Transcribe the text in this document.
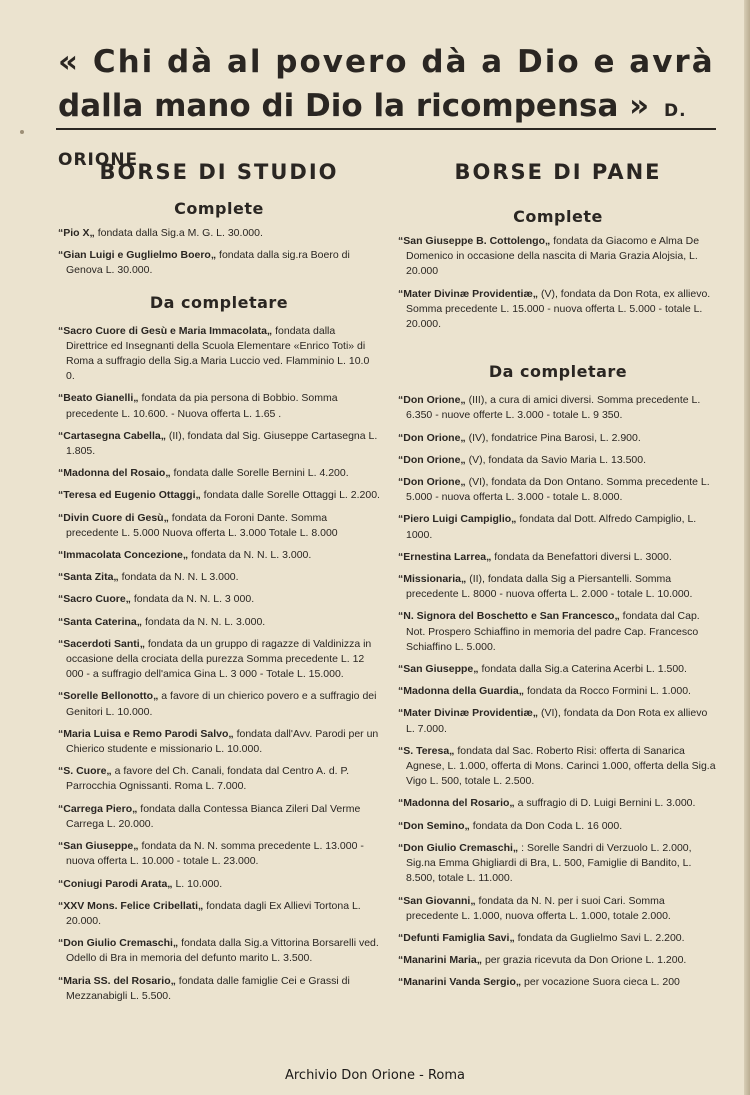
« Chi dà al povero dà a Dio e avrà
dalla mano di Dio la ricompensa » D. ORIONE
BORSE DI STUDIO
Complete

“Pio X„ fondata dalla Sig.a M. G. L. 30.000.

“Gian Luigi e Guglielmo Boero„ fondata dalla sig.ra Boero di Genova L. 30.000.

Da completare

“Sacro Cuore di Gesù e Maria Immacolata„ fondata dalla Direttrice ed Insegnanti della Scuola Elementare «Enrico Toti» di Roma a suffragio della Sig.a Maria Luccio ved. Flamminio L. 10.0 0.

“Beato Gianelli„ fondata da pia persona di Bobbio. Somma precedente L. 10.600. - Nuova offerta L. 1.65 .

“Cartasegna Cabella„ (II), fondata dal Sig. Giuseppe Cartasegna L. 1.805.

“Madonna del Rosaio„ fondata dalle Sorelle Bernini L. 4.200.

“Teresa ed Eugenio Ottaggi„ fondata dalle Sorelle Ottaggi L. 2.200.

“Divin Cuore di Gesù„ fondata da Foroni Dante. Somma precedente L. 5.000 Nuova offerta L. 3.000 Totale L. 8.000

“Immacolata Concezione„ fondata da N. N. L. 3.000.

“Santa Zita„ fondata da N. N. L 3.000.

“Sacro Cuore„ fondata da N. N. L. 3 000.

“Santa Caterina„ fondata da N. N. L. 3.000.

“Sacerdoti Santi„ fondata da un gruppo di ragazze di Valdinizza in occasione della crociata della purezza Somma precedente L. 12 000 - a suffragio dell'amica Gina L. 3 000 - Totale L. 15.000.

“Sorelle Bellonotto„ a favore di un chierico povero e a suffragio dei Genitori L. 10.000.

“Maria Luisa e Remo Parodi Salvo„ fondata dall'Avv. Parodi per un Chierico studente e missionario L. 10.000.

“S. Cuore„ a favore del Ch. Canali, fondata dal Centro A. d. P. Parrocchia Ognissanti. Roma L. 7.000.

“Carrega Piero„ fondata dalla Contessa Bianca Zileri Dal Verme Carrega L. 20.000.

“San Giuseppe„ fondata da N. N. somma precedente L. 13.000 - nuova offerta L. 10.000 - totale L. 23.000.

“Coniugi Parodi Arata„ L. 10.000.

“XXV Mons. Felice Cribellati„ fondata dagli Ex Allievi Tortona L. 20.000.

“Don Giulio Cremaschi„ fondata dalla Sig.a Vittorina Borsarelli ved. Odello di Bra in memoria del defunto marito L. 3.500.

“Maria SS. del Rosario„ fondata dalle famiglie Cei e Grassi di Mezzanabigli L. 5.500.

BORSE DI PANE
Complete

“San Giuseppe B. Cottolengo„ fondata da Giacomo e Alma De Domenico in occasione della nascita di Maria Grazia Alojsia, L. 20.000

“Mater Divinæ Providentiæ„ (V), fondata da Don Rota, ex allievo. Somma precedente L. 15.000 - nuova offerta L. 5.000 - totale L. 20.000.

Da completare

“Don Orione„ (III), a cura di amici diversi. Somma precedente L. 6.350 - nuove offerte L. 3.000 - totale L. 9 350.

“Don Orione„ (IV), fondatrice Pina Barosi, L. 2.900.

“Don Orione„ (V), fondata da Savio Maria L. 13.500.

“Don Orione„ (VI), fondata da Don Ontano. Somma precedente L. 5.000 - nuova offerta L. 3.000 - totale L. 8.000.

“Piero Luigi Campiglio„ fondata dal Dott. Alfredo Campiglio, L. 1000.

“Ernestina Larrea„ fondata da Benefattori diversi L. 3000.

“Missionaria„ (II), fondata dalla Sig a Piersantelli. Somma precedente L. 8000 - nuova offerta L. 2.000 - totale L. 10.000.

“N. Signora del Boschetto e San Francesco„ fondata dal Cap. Not. Prospero Schiaffino in memoria del padre Cap. Francesco Schiaffino L. 5.000.

“San Giuseppe„ fondata dalla Sig.a Caterina Acerbi L. 1.500.

“Madonna della Guardia„ fondata da Rocco Formini L. 1.000.

“Mater Divinæ Providentiæ„ (VI), fondata da Don Rota ex allievo L. 7.000.

“S. Teresa„ fondata dal Sac. Roberto Risi: offerta di Sanarica Agnese, L. 1.000, offerta di Mons. Carinci 1.000, offerta della Sig.a Vigo L. 500, totale L. 2.500.

“Madonna del Rosario„ a suffragio di D. Luigi Bernini L. 3.000.

“Don Semino„ fondata da Don Coda L. 16 000.

“Don Giulio Cremaschi„ : Sorelle Sandri di Verzuolo L. 2.000, Sig.na Emma Ghigliardi di Bra, L. 500, Famiglie di Bandito, L. 8.500, totale L. 11.000.

“San Giovanni„ fondata da N. N. per i suoi Cari. Somma precedente L. 1.000, nuova offerta L. 1.000, totale 2.000.

“Defunti Famiglia Savi„ fondata da Guglielmo Savi L. 2.200.

“Manarini Maria„ per grazia ricevuta da Don Orione L. 1.200.

“Manarini Vanda Sergio„ per vocazione Suora cieca L. 200

Archivio Don Orione - Roma
